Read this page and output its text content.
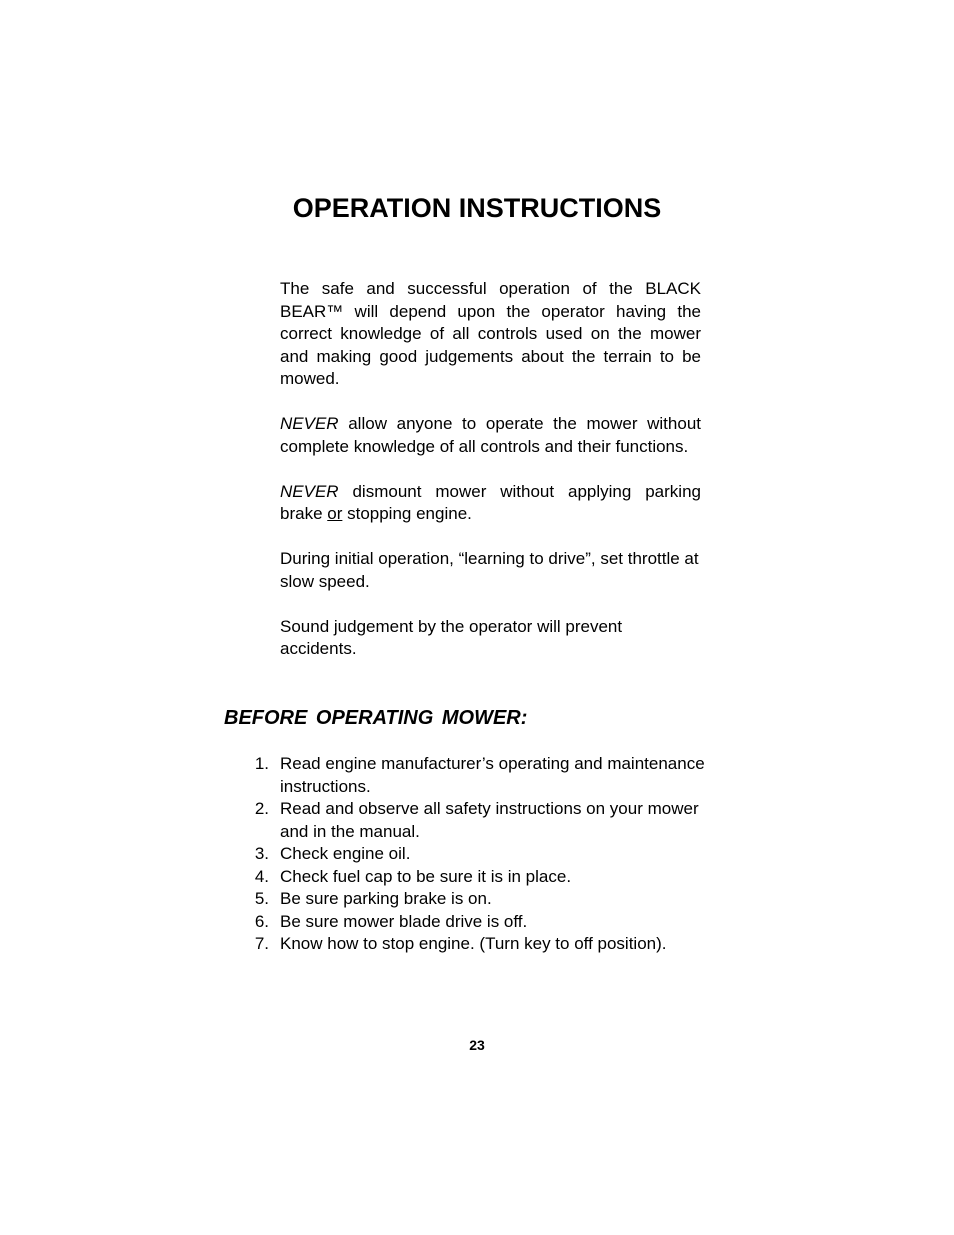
OPERATION INSTRUCTIONS

The safe and successful operation of the BLACK BEAR™ will depend upon the operator having the correct knowledge of all controls used on the mower and making good judgements about the terrain to be mowed.

NEVER allow anyone to operate the mower without complete knowledge of all controls and their functions.

NEVER dismount mower without applying parking brake or stopping engine.

During initial operation, “learning to drive”, set throttle at slow speed.

Sound judgement by the operator will prevent accidents.

BEFORE OPERATING MOWER:
1. Read engine manufacturer’s operating and maintenance instructions.
2. Read and observe all safety instructions on your mower and in the manual.
3. Check engine oil.
4. Check fuel cap to be sure it is in place.
5. Be sure parking brake is on.
6. Be sure mower blade drive is off.
7. Know how to stop engine. (Turn key to off position).
23
